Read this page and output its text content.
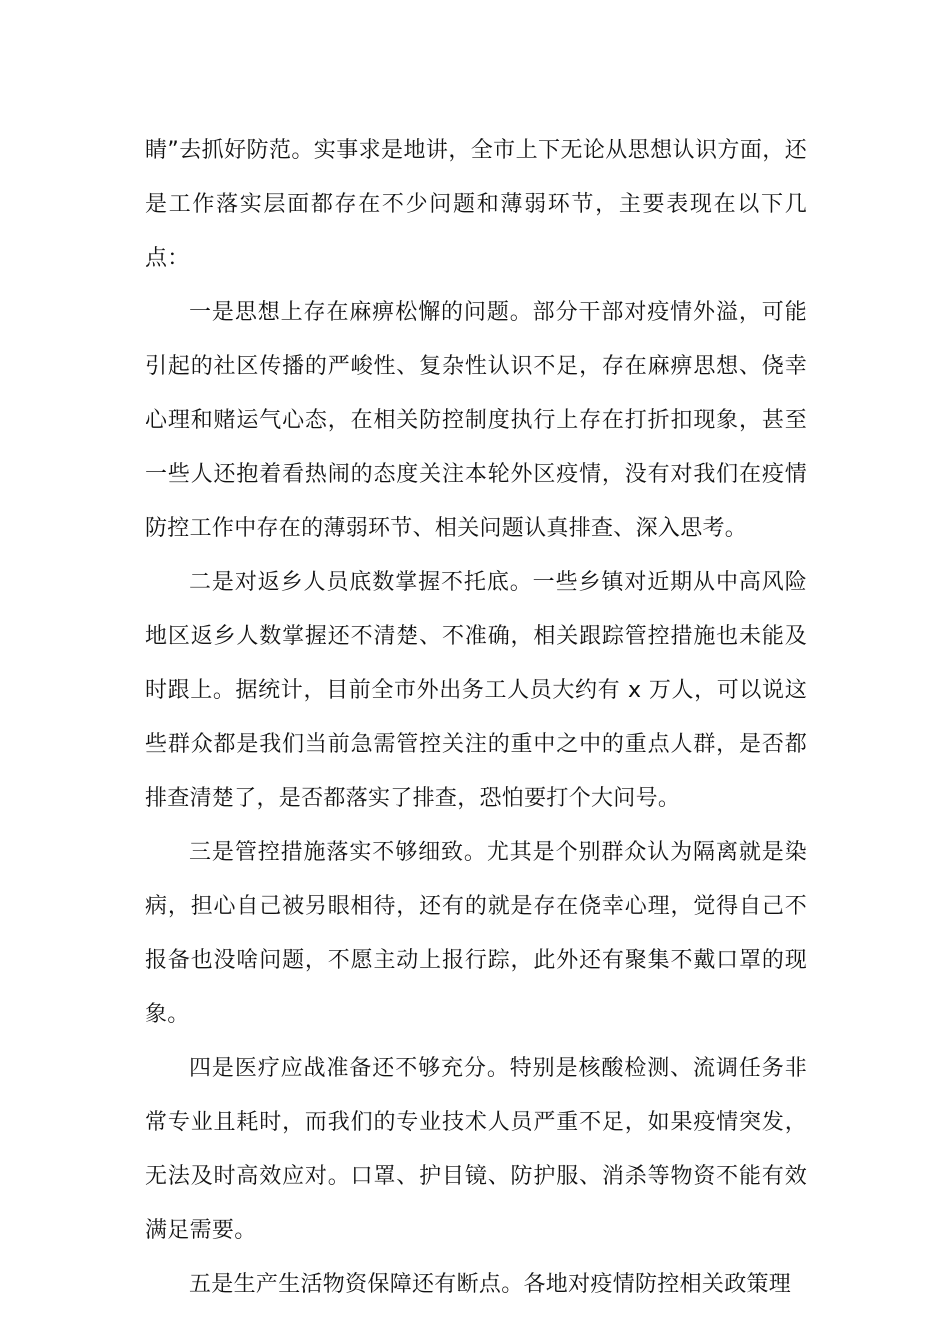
睛”去抓好防范。实事求是地讲，全市上下无论从思想认识方面，还是工作落实层面都存在不少问题和薄弱环节，主要表现在以下几点：

一是思想上存在麻痹松懈的问题。部分干部对疫情外溢，可能引起的社区传播的严峻性、复杂性认识不足，存在麻痹思想、侥幸心理和赌运气心态，在相关防控制度执行上存在打折扣现象，甚至一些人还抱着看热闹的态度关注本轮外区疫情，没有对我们在疫情防控工作中存在的薄弱环节、相关问题认真排查、深入思考。

二是对返乡人员底数掌握不托底。一些乡镇对近期从中高风险地区返乡人数掌握还不清楚、不准确，相关跟踪管控措施也未能及时跟上。据统计，目前全市外出务工人员大约有 x 万人，可以说这些群众都是我们当前急需管控关注的重中之中的重点人群，是否都排查清楚了，是否都落实了排查，恐怕要打个大问号。

三是管控措施落实不够细致。尤其是个别群众认为隔离就是染病，担心自己被另眼相待，还有的就是存在侥幸心理，觉得自己不报备也没啥问题，不愿主动上报行踪，此外还有聚集不戴口罩的现象。

四是医疗应战准备还不够充分。特别是核酸检测、流调任务非常专业且耗时，而我们的专业技术人员严重不足，如果疫情突发，无法及时高效应对。口罩、护目镜、防护服、消杀等物资不能有效满足需要。

五是生产生活物资保障还有断点。各地对疫情防控相关政策理
